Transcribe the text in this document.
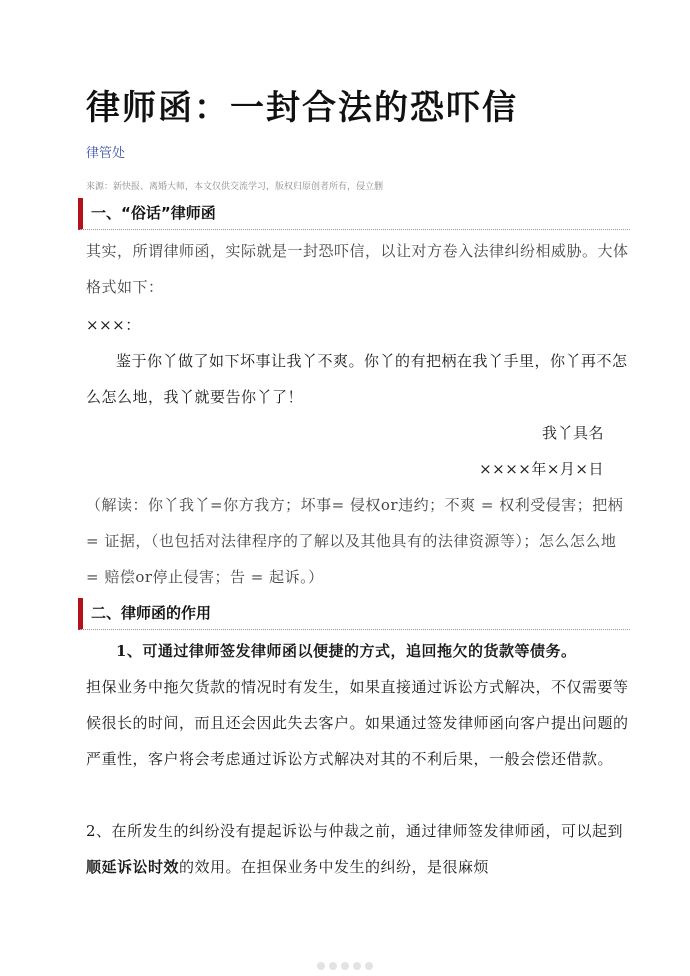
律师函：一封合法的恐吓信
律管处
来源：新快报、离婚大师，本文仅供交流学习，版权归原创者所有，侵立删
一、“俗话”律师函

其实，所谓律师函，实际就是一封恐吓信，以让对方卷入法律纠纷相威胁。大体格式如下：

×××：

鉴于你丫做了如下坏事让我丫不爽。你丫的有把柄在我丫手里，你丫再不怎么怎么地，我丫就要告你丫了！

我丫具名
××××年×月×日

（解读：你丫我丫=你方我方；坏事= 侵权or违约；不爽 = 权利受侵害；把柄 = 证据，（也包括对法律程序的了解以及其他具有的法律资源等）；怎么怎么地 = 赔偿or停止侵害；告 = 起诉。）

二、律师函的作用

1、可通过律师签发律师函以便捷的方式，追回拖欠的货款等债务。

担保业务中拖欠货款的情况时有发生，如果直接通过诉讼方式解决，不仅需要等候很长的时间，而且还会因此失去客户。如果通过签发律师函向客户提出问题的严重性，客户将会考虑通过诉讼方式解决对其的不利后果，一般会偿还借款。

2、在所发生的纠纷没有提起诉讼与仲裁之前，通过律师签发律师函，可以起到顺延诉讼时效的效用。在担保业务中发生的纠纷，是很麻烦
